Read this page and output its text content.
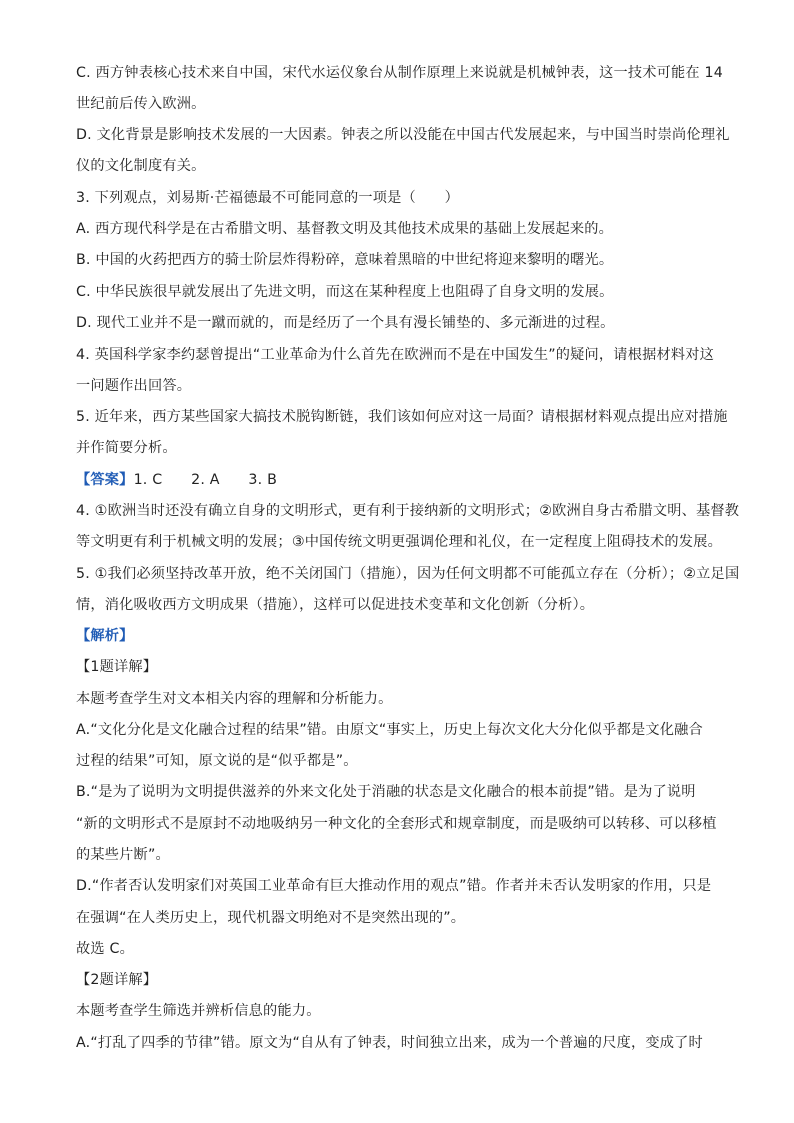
C. 西方钟表核心技术来自中国，宋代水运仪象台从制作原理上来说就是机械钟表，这一技术可能在 14
世纪前后传入欧洲。
D. 文化背景是影响技术发展的一大因素。钟表之所以没能在中国古代发展起来，与中国当时崇尚伦理礼
仪的文化制度有关。
3. 下列观点，刘易斯·芒福德最不可能同意的一项是（　　）
A. 西方现代科学是在古希腊文明、基督教文明及其他技术成果的基础上发展起来的。
B. 中国的火药把西方的骑士阶层炸得粉碎，意味着黑暗的中世纪将迎来黎明的曙光。
C. 中华民族很早就发展出了先进文明，而这在某种程度上也阻碍了自身文明的发展。
D. 现代工业并不是一蹴而就的，而是经历了一个具有漫长铺垫的、多元渐进的过程。
4. 英国科学家李约瑟曾提出“工业革命为什么首先在欧洲而不是在中国发生”的疑问，请根据材料对这
一问题作出回答。
5. 近年来，西方某些国家大搞技术脱钩断链，我们该如何应对这一局面？请根据材料观点提出应对措施
并作简要分析。
【答案】1. C　　2. A　　3. B
4. ①欧洲当时还没有确立自身的文明形式，更有利于接纳新的文明形式；②欧洲自身古希腊文明、基督教
等文明更有利于机械文明的发展；③中国传统文明更强调伦理和礼仪，在一定程度上阻碍技术的发展。
5. ①我们必须坚持改革开放，绝不关闭国门（措施），因为任何文明都不可能孤立存在（分析）；②立足国
情，消化吸收西方文明成果（措施），这样可以促进技术变革和文化创新（分析）。
【解析】
【1题详解】
本题考查学生对文本相关内容的理解和分析能力。
A.“文化分化是文化融合过程的结果”错。由原文“事实上，历史上每次文化大分化似乎都是文化融合
过程的结果”可知，原文说的是“似乎都是”。
B.“是为了说明为文明提供滋养的外来文化处于消融的状态是文化融合的根本前提”错。是为了说明
“新的文明形式不是原封不动地吸纳另一种文化的全套形式和规章制度，而是吸纳可以转移、可以移植
的某些片断”。
D.“作者否认发明家们对英国工业革命有巨大推动作用的观点”错。作者并未否认发明家的作用，只是
在强调“在人类历史上，现代机器文明绝对不是突然出现的”。
故选 C。
【2题详解】
本题考查学生筛选并辨析信息的能力。
A.“打乱了四季的节律”错。原文为“自从有了钟表，时间独立出来，成为一个普遍的尺度，变成了时
